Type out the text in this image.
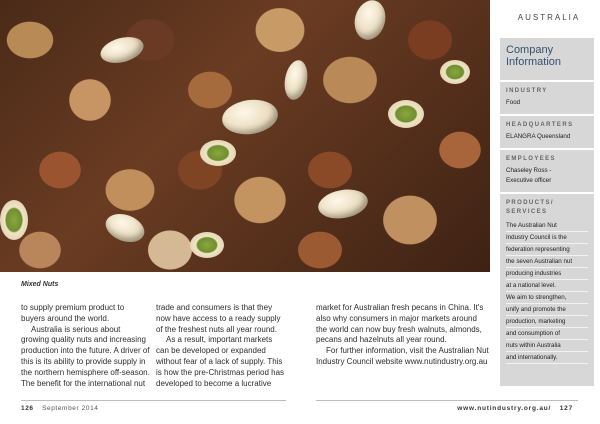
AUSTRALIA
Company
Information
INDUSTRY
Food
HEADQUARTERS
ELANGRA Queensland
EMPLOYEES
Chaseley Ross -
Executive officer
PRODUCTS/
SERVICES
The Australian Nut
Industry Council is the
federation representing
the seven Australian nut
producing industries
at a national level.
We aim to strengthen,
unify and promote the
production, marketing
and consumption of
nuts within Australia
and internationally.
Mixed Nuts
to supply premium product to
buyers around the world.
Australia is serious about
growing quality nuts and increasing
production into the future. A driver of
this is its ability to provide supply in
the northern hemisphere off-season.
The benefit for the international nut
trade and consumers is that they
now have access to a ready supply
of the freshest nuts all year round.
As a result, important markets
can be developed or expanded
without fear of a lack of supply. This
is how the pre-Christmas period has
developed to become a lucrative
market for Australian fresh pecans in China. It's
also why consumers in major markets around
the world can now buy fresh walnuts, almonds,
pecans and hazelnuts all year round.
For further information, visit the Australian Nut
Industry Council website www.nutindustry.org.au
126 September 2014	www.nutindustry.org.au/ 127
